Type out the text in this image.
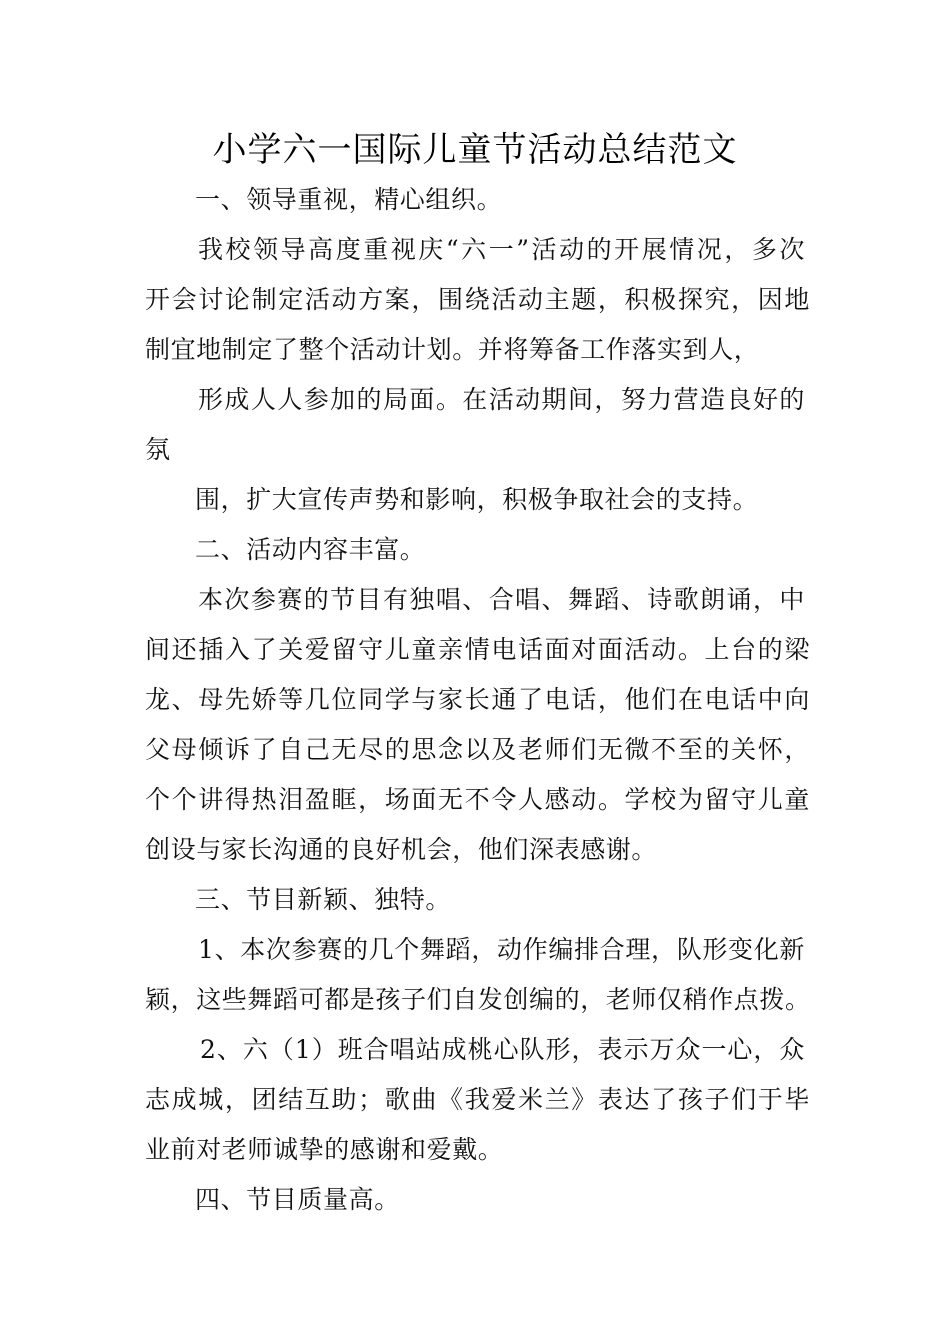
小学六一国际儿童节活动总结范文
一、领导重视，精心组织。
我校领导高度重视庆“六一”活动的开展情况，多次
开会讨论制定活动方案，围绕活动主题，积极探究，因地
制宜地制定了整个活动计划。并将筹备工作落实到人，
形成人人参加的局面。在活动期间，努力营造良好的
氛
围，扩大宣传声势和影响，积极争取社会的支持。
二、活动内容丰富。
本次参赛的节目有独唱、合唱、舞蹈、诗歌朗诵，中
间还插入了关爱留守儿童亲情电话面对面活动。上台的梁
龙、母先娇等几位同学与家长通了电话，他们在电话中向
父母倾诉了自己无尽的思念以及老师们无微不至的关怀，
个个讲得热泪盈眶，场面无不令人感动。学校为留守儿童
创设与家长沟通的良好机会，他们深表感谢。
三、节目新颖、独特。
1、本次参赛的几个舞蹈，动作编排合理，队形变化新
颖，这些舞蹈可都是孩子们自发创编的，老师仅稍作点拨。
2、六（1）班合唱站成桃心队形，表示万众一心，众
志成城，团结互助；歌曲《我爱米兰》表达了孩子们于毕
业前对老师诚挚的感谢和爱戴。
四、节目质量高。
